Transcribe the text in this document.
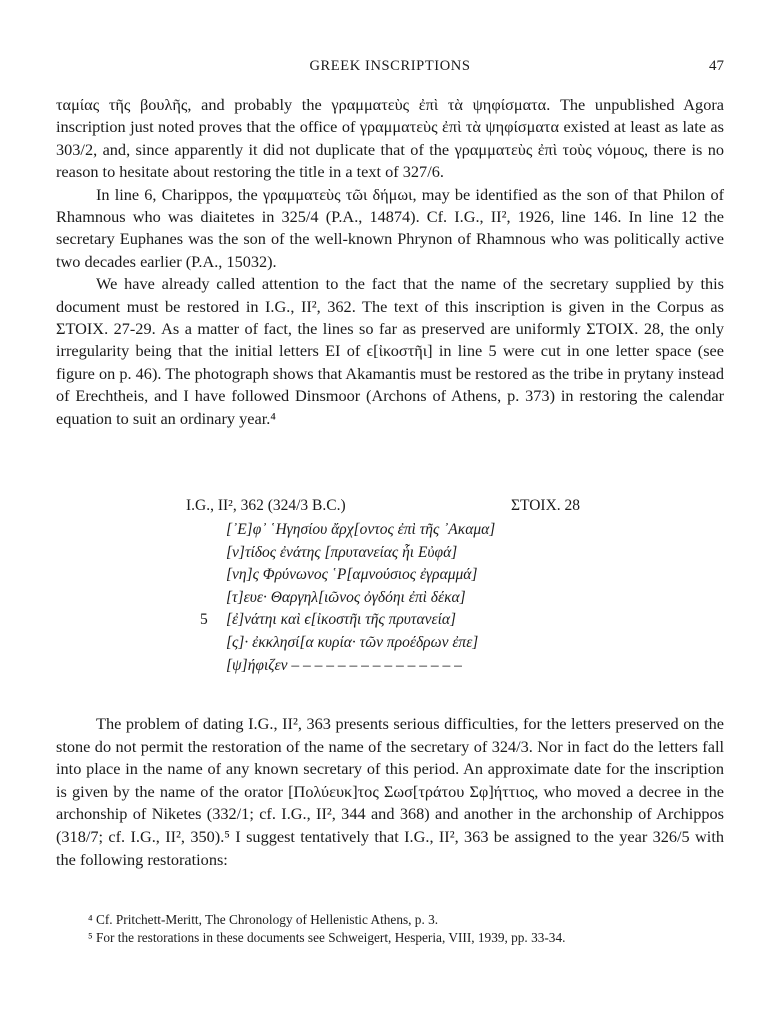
GREEK INSCRIPTIONS	47

ταμίας τῆς βουλῆς, and probably the γραμματεὺς ἐπὶ τὰ ψηφίσματα. The unpublished Agora inscription just noted proves that the office of γραμματεὺς ἐπὶ τὰ ψηφίσματα existed at least as late as 303/2, and, since apparently it did not duplicate that of the γραμματεὺς ἐπὶ τοὺς νόμους, there is no reason to hesitate about restoring the title in a text of 327/6.

In line 6, Charippos, the γραμματεὺς τῶι δήμωι, may be identified as the son of that Philon of Rhamnous who was diaitetes in 325/4 (P.A., 14874). Cf. I.G., II², 1926, line 146. In line 12 the secretary Euphanes was the son of the well-known Phrynon of Rhamnous who was politically active two decades earlier (P.A., 15032).

We have already called attention to the fact that the name of the secretary supplied by this document must be restored in I.G., II², 362. The text of this inscription is given in the Corpus as ΣΤΟΙΧ. 27-29. As a matter of fact, the lines so far as preserved are uniformly ΣΤΟΙΧ. 28, the only irregularity being that the initial letters ΕΙ of ϵ[ἰκοστῆι] in line 5 were cut in one letter space (see figure on p. 46). The photograph shows that Akamantis must be restored as the tribe in prytany instead of Erechtheis, and I have followed Dinsmoor (Archons of Athens, p. 373) in restoring the calendar equation to suit an ordinary year.⁴

I.G., II², 362 (324/3 B.C.)	ΣΤΟΙΧ. 28
[᾽Ε]φ᾽ ῾Ηγησίου ἄρχ[οντος ἐπὶ τῆς ᾽Ακαμα]
[ν]τίδος ἐνάτης [πρυτανείας ἧι Εὐφά]
[νη]ς Φρύνωνος ῾Ρ[αμνούσιος ἐγραμμά]
[τ]ευε· Θαργηλ[ιῶνος ὀγδόηι ἐπὶ δέκα]
5	[ἐ]νάτηι καὶ ϵ[ἰκοστῆι τῆς πρυτανεία]
[ς]· ἐκκλησί[α κυρία· τῶν προέδρων ἐπε]
[ψ]ήφιζεν – – – – – – – – – – – – – – –

The problem of dating I.G., II², 363 presents serious difficulties, for the letters preserved on the stone do not permit the restoration of the name of the secretary of 324/3. Nor in fact do the letters fall into place in the name of any known secretary of this period. An approximate date for the inscription is given by the name of the orator [Πολύευκ]τος Σωσ[τράτου Σφ]ήττιος, who moved a decree in the archonship of Niketes (332/1; cf. I.G., II², 344 and 368) and another in the archonship of Archippos (318/7; cf. I.G., II², 350).⁵ I suggest tentatively that I.G., II², 363 be assigned to the year 326/5 with the following restorations:

⁴ Cf. Pritchett-Meritt, The Chronology of Hellenistic Athens, p. 3.

⁵ For the restorations in these documents see Schweigert, Hesperia, VIII, 1939, pp. 33-34.
